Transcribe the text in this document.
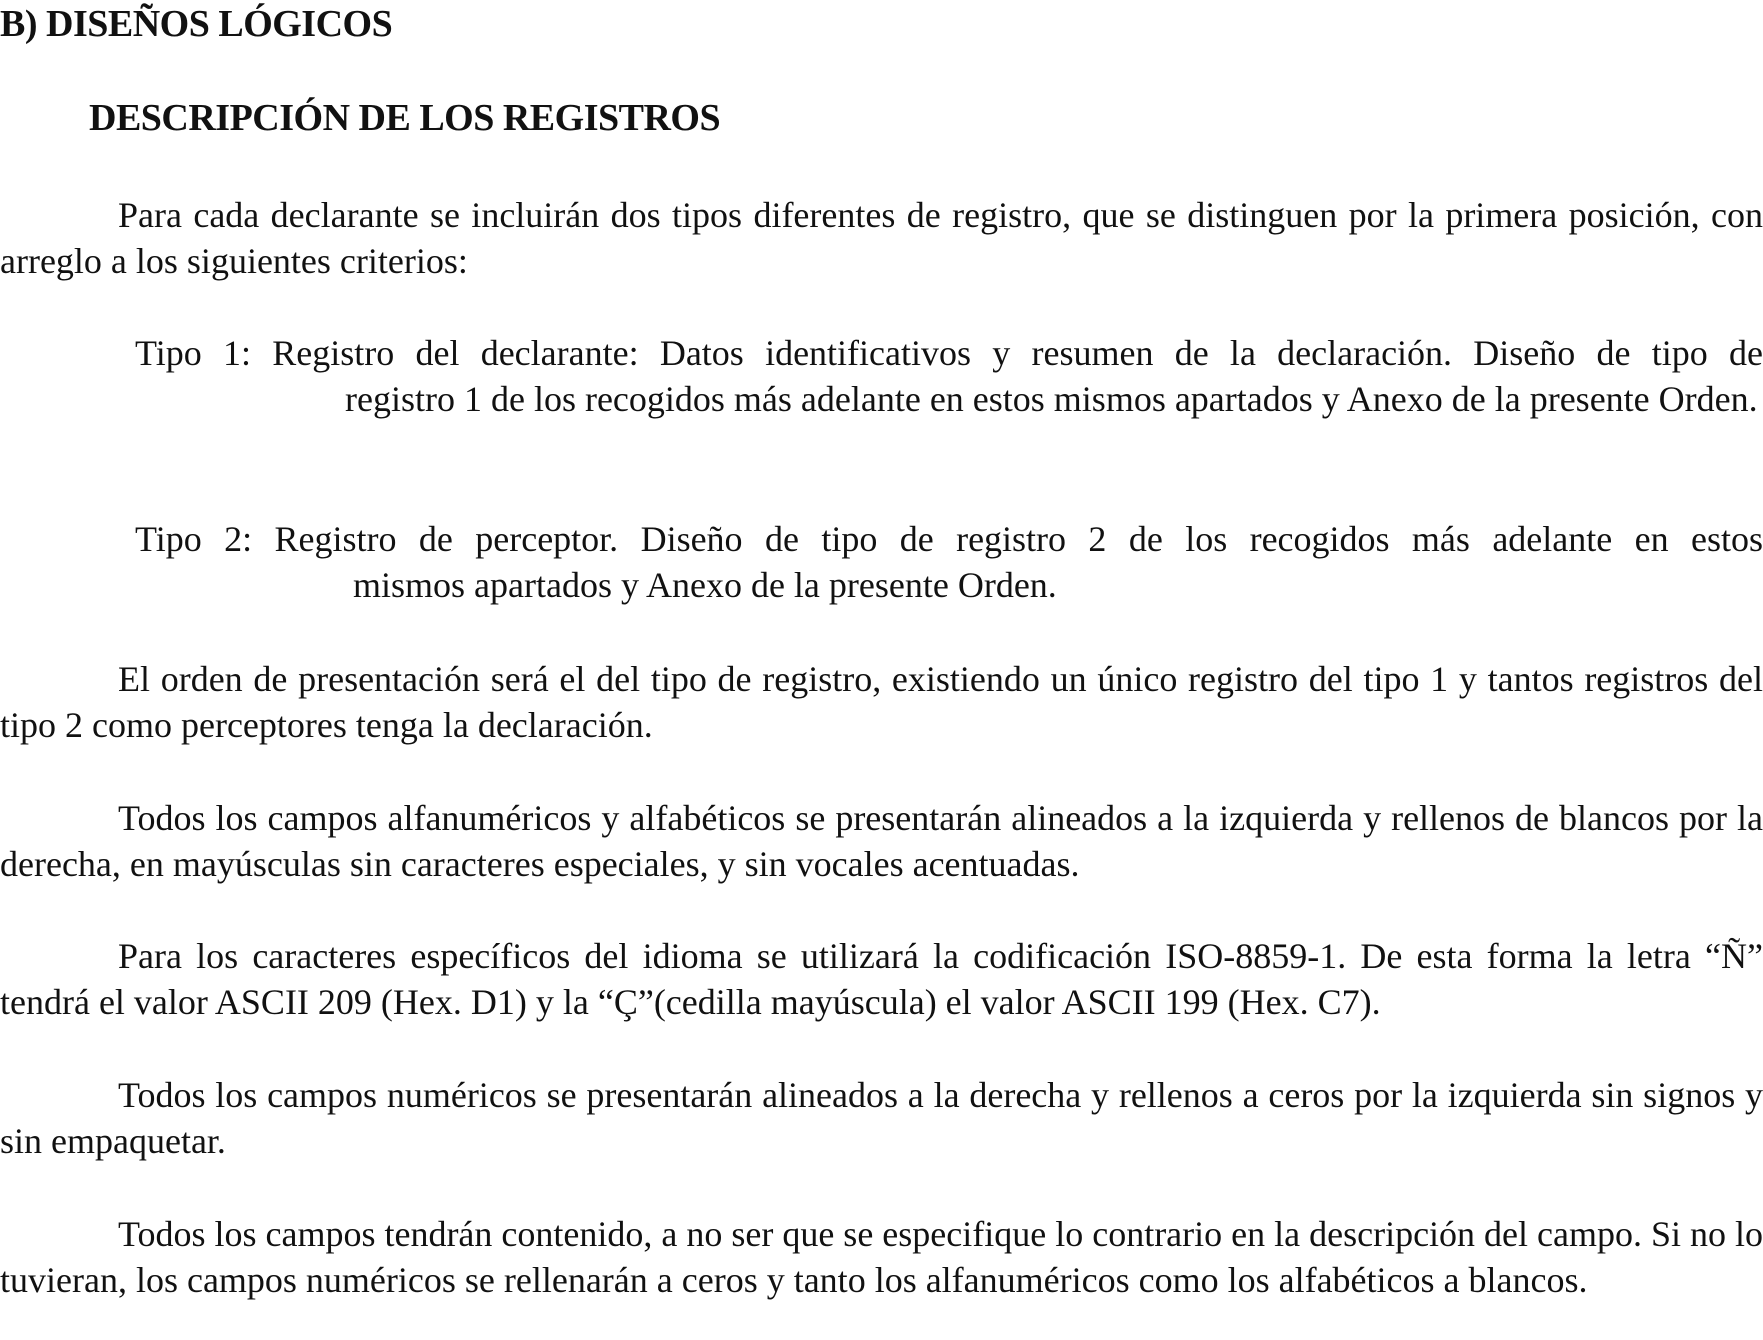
B) DISEÑOS LÓGICOS
DESCRIPCIÓN DE LOS REGISTROS

Para cada declarante se incluirán dos tipos diferentes de registro, que se distinguen por la primera posición, con arreglo a los siguientes criterios:

Tipo 1: Registro del declarante: Datos identificativos y resumen de la declaración. Diseño de tipo de
registro 1 de los recogidos más adelante en estos mismos apartados y Anexo de la presente Orden.
Tipo 2: Registro de perceptor. Diseño de tipo de registro 2 de los recogidos más adelante en estos
mismos apartados y Anexo de la presente Orden.

El orden de presentación será el del tipo de registro, existiendo un único registro del tipo 1 y tantos registros del tipo 2 como perceptores tenga la declaración.

Todos los campos alfanuméricos y alfabéticos se presentarán alineados a la izquierda y rellenos de blancos por la derecha, en mayúsculas sin caracteres especiales, y sin vocales acentuadas.

Para los caracteres específicos del idioma se utilizará la codificación ISO-8859-1. De esta forma la letra “Ñ” tendrá el valor ASCII 209 (Hex. D1) y la “Ç”(cedilla mayúscula) el valor ASCII 199 (Hex. C7).

Todos los campos numéricos se presentarán alineados a la derecha y rellenos a ceros por la izquierda sin signos y sin empaquetar.

Todos los campos tendrán contenido, a no ser que se especifique lo contrario en la descripción del campo. Si no lo tuvieran, los campos numéricos se rellenarán a ceros y tanto los alfanuméricos como los alfabéticos a blancos.
